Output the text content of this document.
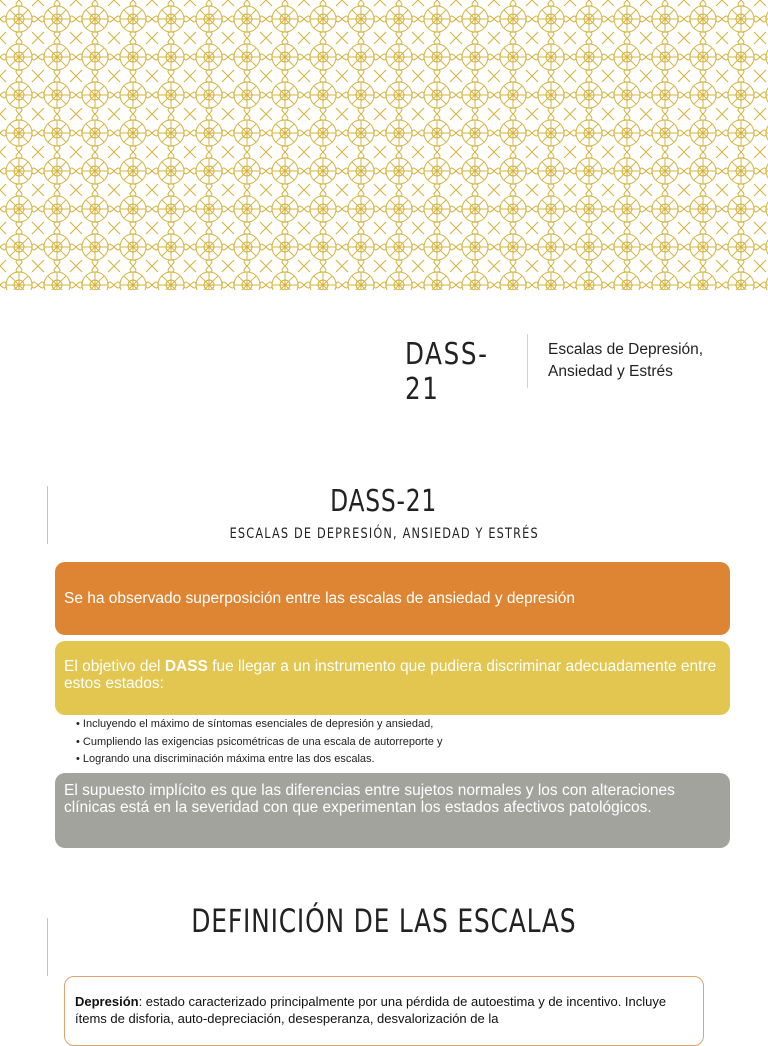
DASS-21
Escalas de Depresión,
Ansiedad y Estrés
DASS-21
ESCALAS DE DEPRESIÓN, ANSIEDAD Y ESTRÉS
Se ha observado superposición entre las escalas de ansiedad y depresión
El objetivo del DASS fue llegar a un instrumento que pudiera discriminar adecuadamente entre estos estados:
• Incluyendo el máximo de síntomas esenciales de depresión y ansiedad,
• Cumpliendo las exigencias psicométricas de una escala de autorreporte y
• Logrando una discriminación máxima entre las dos escalas.
El supuesto implícito es que las diferencias entre sujetos normales y los con alteraciones clínicas está en la severidad con que experimentan los estados afectivos patológicos.
DEFINICIÓN DE LAS ESCALAS
Depresión: estado caracterizado principalmente por una pérdida de autoestima y de incentivo. Incluye ítems de disforia, auto-depreciación, desesperanza, desvalorización de la
